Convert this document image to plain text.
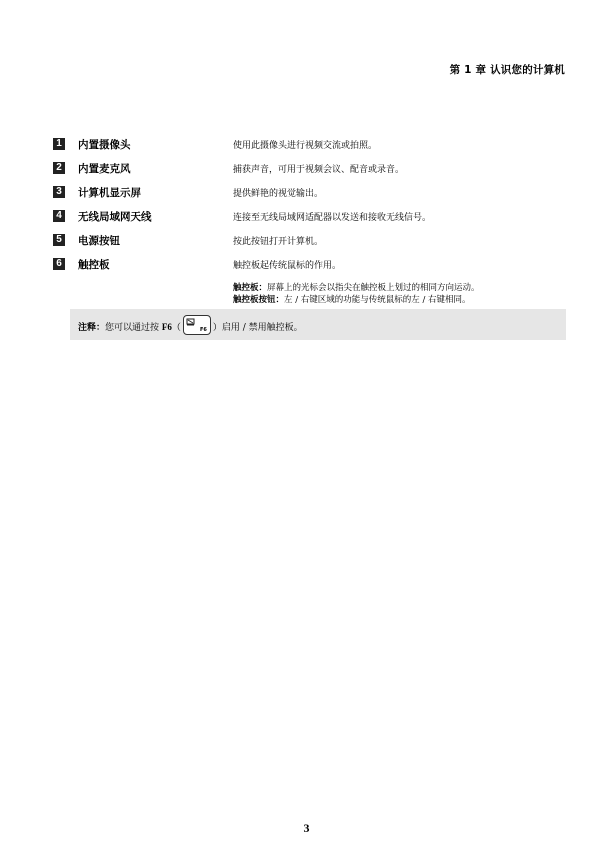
第 1 章 认识您的计算机
1	内置摄像头	使用此摄像头进行视频交流或拍照。
2	内置麦克风	捕获声音，可用于视频会议、配音或录音。
3	计算机显示屏	提供鲜艳的视觉输出。
4	无线局域网天线	连接至无线局域网适配器以发送和接收无线信号。
5	电源按钮	按此按钮打开计算机。
6	触控板	触控板起传统鼠标的作用。
触控板：屏幕上的光标会以指尖在触控板上划过的相同方向运动。
触控板按钮：左 / 右键区域的功能与传统鼠标的左 / 右键相同。
注释：您可以通过按 F6（	F6 ）启用 / 禁用触控板。
3
